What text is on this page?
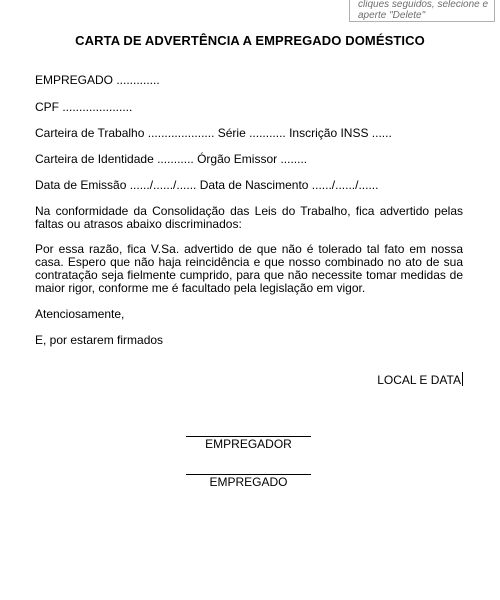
cliques seguidos, selecione e
aperte "Delete"
CARTA DE ADVERTÊNCIA A EMPREGADO DOMÉSTICO
EMPREGADO .............
CPF .....................
Carteira de Trabalho .................... Série ........... Inscrição INSS ......
Carteira de Identidade ........... Órgão Emissor ........
Data de Emissão ....../....../...... Data de Nascimento ....../....../......
Na conformidade da Consolidação das Leis do Trabalho, fica advertido pelas faltas ou atrasos abaixo discriminados:
Por essa razão, fica V.Sa. advertido de que não é tolerado tal fato em nossa casa. Espero que não haja reincidência e que nosso combinado no ato de sua contratação seja fielmente cumprido, para que não necessite tomar medidas de maior rigor, conforme me é facultado pela legislação em vigor.
Atenciosamente,
E, por estarem firmados
LOCAL E DATA
EMPREGADOR
EMPREGADO
